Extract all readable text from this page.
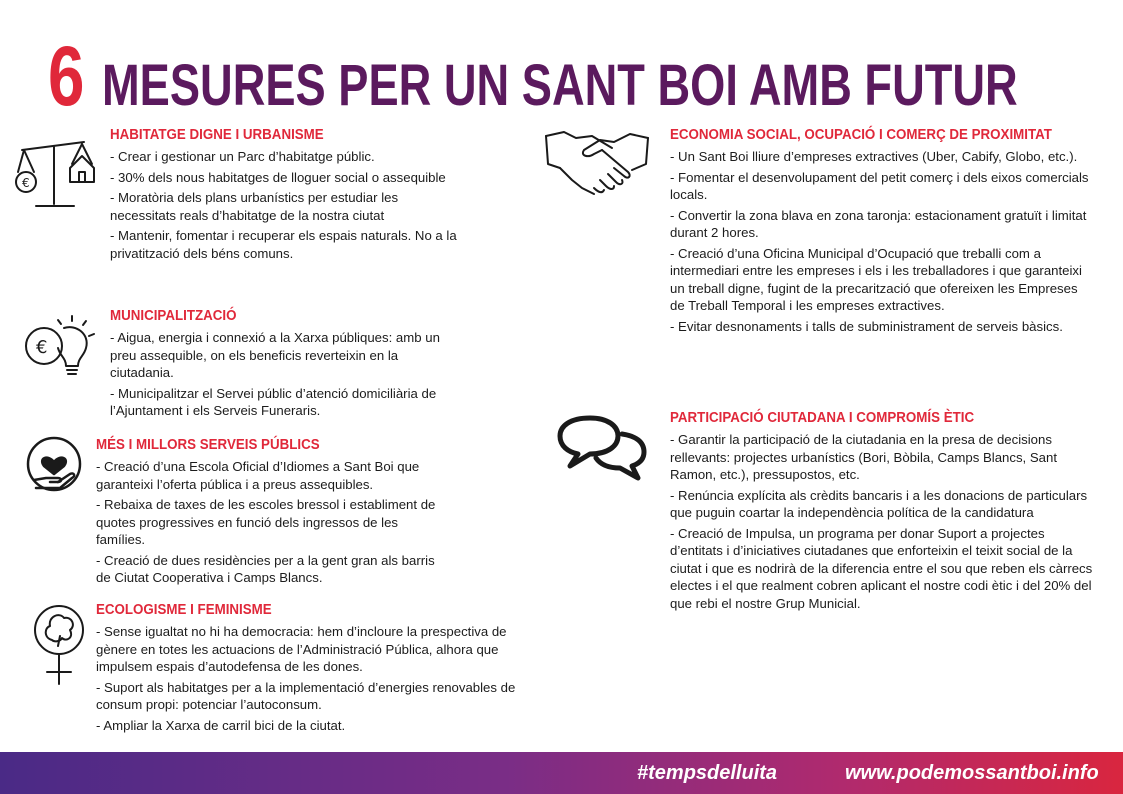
6 MESURES PER UN SANT BOI AMB FUTUR
€
€
HABITATGE DIGNE I URBANISME
- Crear i gestionar un Parc d’habitatge públic.
- 30% dels nous habitatges de lloguer social o assequible
- Moratòria dels plans urbanístics per estudiar les necessitats reals d’habitatge de la nostra ciutat
- Mantenir, fomentar i recuperar els espais naturals. No a la privatització dels béns comuns.
MUNICIPALITZACIÓ
- Aigua, energia i connexió a la Xarxa públiques: amb un preu assequible, on els beneficis reverteixin en la ciutadania.
- Municipalitzar el Servei públic d’atenció domiciliària de l’Ajuntament i els Serveis Funeraris.
MÉS I MILLORS SERVEIS PÚBLICS
- Creació d’una Escola Oficial d’Idiomes a Sant Boi que garanteixi l’oferta pública i a preus assequibles.
- Rebaixa de taxes de les escoles bressol i establiment de quotes progressives en funció dels ingressos de les famílies.
- Creació de dues residències per a la gent gran als barris de Ciutat Cooperativa i Camps Blancs.
ECOLOGISME I FEMINISME
- Sense igualtat no hi ha democracia: hem d’incloure la prespectiva de gènere en totes les actuacions de l’Administració Pública, alhora que impulsem espais d’autodefensa de les dones.
- Suport als habitatges per a la implementació d’energies renovables de consum propi: potenciar l’autoconsum.
- Ampliar la Xarxa de carril bici de la ciutat.
ECONOMIA SOCIAL, OCUPACIÓ I COMERÇ DE PROXIMITAT
- Un Sant Boi lliure d’empreses extractives (Uber, Cabify, Globo, etc.).
- Fomentar el desenvolupament del petit comerç i dels eixos comercials locals.
- Convertir la zona blava en zona taronja: estacionament gratuït i limitat durant 2 hores.
- Creació d’una Oficina Municipal d’Ocupació que treballi com a intermediari entre les empreses i els i les treballadores i que garanteixi un treball digne, fugint de la precarització que ofereixen les Empreses de Treball Temporal i les empreses extractives.
- Evitar desnonaments i talls de subministrament de serveis bàsics.
PARTICIPACIÓ CIUTADANA I COMPROMÍS ÈTIC
- Garantir la participació de la ciutadania en la presa de decisions rellevants: projectes urbanístics (Bori, Bòbila, Camps Blancs, Sant Ramon, etc.), pressupostos, etc.
- Renúncia explícita als crèdits bancaris i a les donacions de particulars que puguin coartar la independència política de la candidatura
- Creació de Impulsa, un programa per donar Suport a projectes d’entitats i d’iniciatives ciutadanes que enforteixin el teixit social de la ciutat i que es nodrirà de la diferencia entre el sou que reben els càrrecs electes i el que realment cobren aplicant el nostre codi ètic i del 20% del que rebi el nostre Grup Municial.
#tempsdelluita	www.podemossantboi.info
